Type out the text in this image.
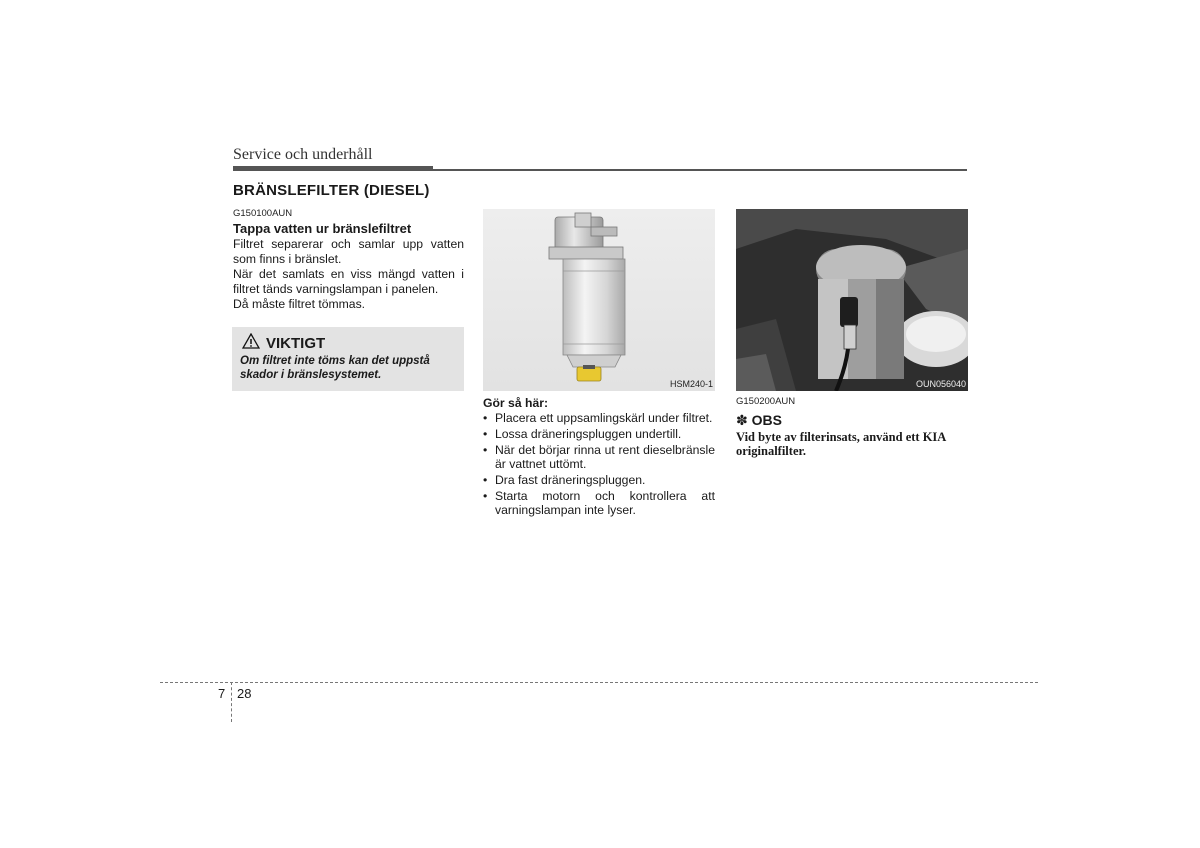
Service och underhåll
BRÄNSLEFILTER (DIESEL)
G150100AUN
Tappa vatten ur bränslefiltret
Filtret separerar och samlar upp vatten som finns i bränslet.
När det samlats en viss mängd vatten i filtret tänds varningslampan i panelen.
Då måste filtret tömmas.
VIKTIGT
Om filtret inte töms kan det uppstå skador i bränslesystemet.
HSM240-1
Gör så här:
• Placera ett uppsamlingskärl under filtret.
• Lossa dräneringspluggen undertill.
• När det börjar rinna ut rent dieselbränsle är vattnet uttömt.
• Dra fast dräneringspluggen.
• Starta motorn och kontrollera att varningslampan inte lyser.
OUN056040
G150200AUN
✽ OBS
Vid byte av filterinsats, använd ett KIA originalfilter.
7 28
